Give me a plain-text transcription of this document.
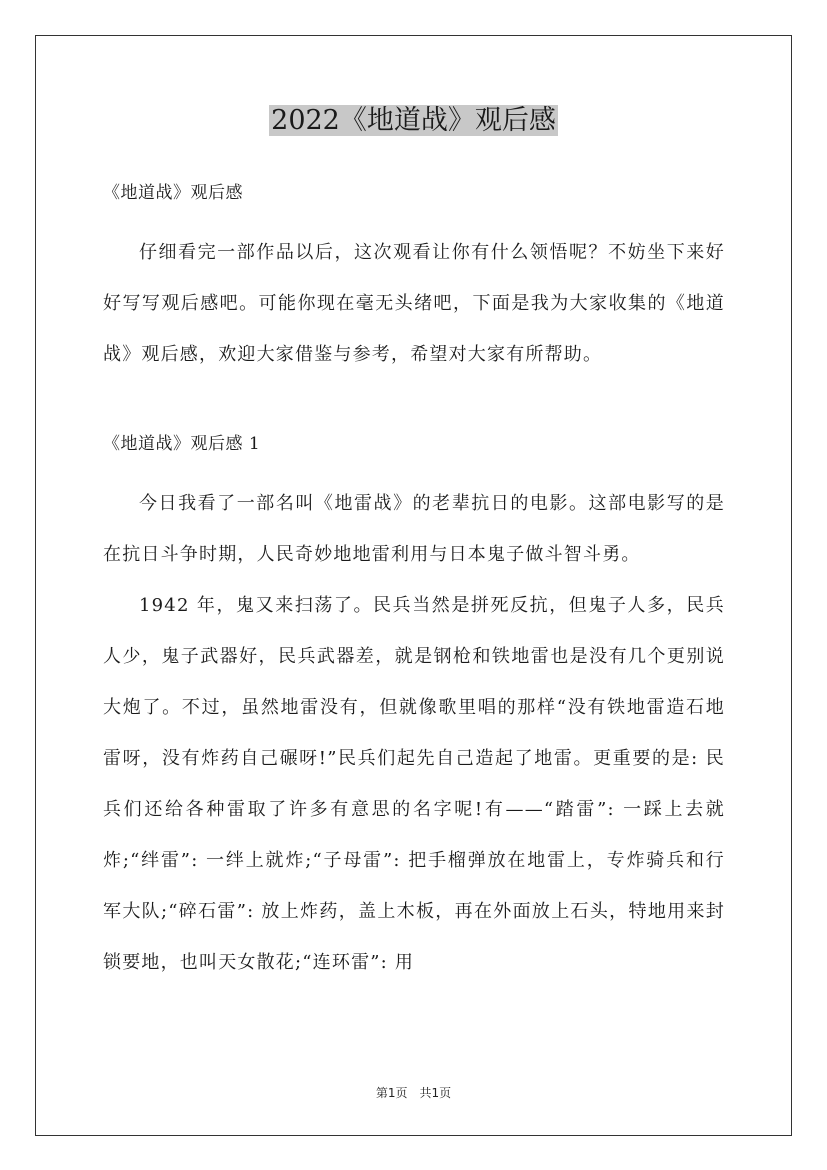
2022《地道战》观后感

《地道战》观后感

仔细看完一部作品以后，这次观看让你有什么领悟呢？不妨坐下来好好写写观后感吧。可能你现在毫无头绪吧，下面是我为大家收集的《地道战》观后感，欢迎大家借鉴与参考，希望对大家有所帮助。

《地道战》观后感 1

今日我看了一部名叫《地雷战》的老辈抗日的电影。这部电影写的是在抗日斗争时期，人民奇妙地地雷利用与日本鬼子做斗智斗勇。

1942 年，鬼又来扫荡了。民兵当然是拼死反抗，但鬼子人多，民兵人少，鬼子武器好，民兵武器差，就是钢枪和铁地雷也是没有几个更别说大炮了。不过，虽然地雷没有，但就像歌里唱的那样“没有铁地雷造石地雷呀，没有炸药自己碾呀!”民兵们起先自己造起了地雷。更重要的是: 民兵们还给各种雷取了许多有意思的名字呢!有——“踏雷”: 一踩上去就炸;“绊雷”: 一绊上就炸;“子母雷”: 把手榴弹放在地雷上，专炸骑兵和行军大队;“碎石雷”: 放上炸药，盖上木板，再在外面放上石头，特地用来封锁要地，也叫天女散花;“连环雷”: 用

第1页　共1页
